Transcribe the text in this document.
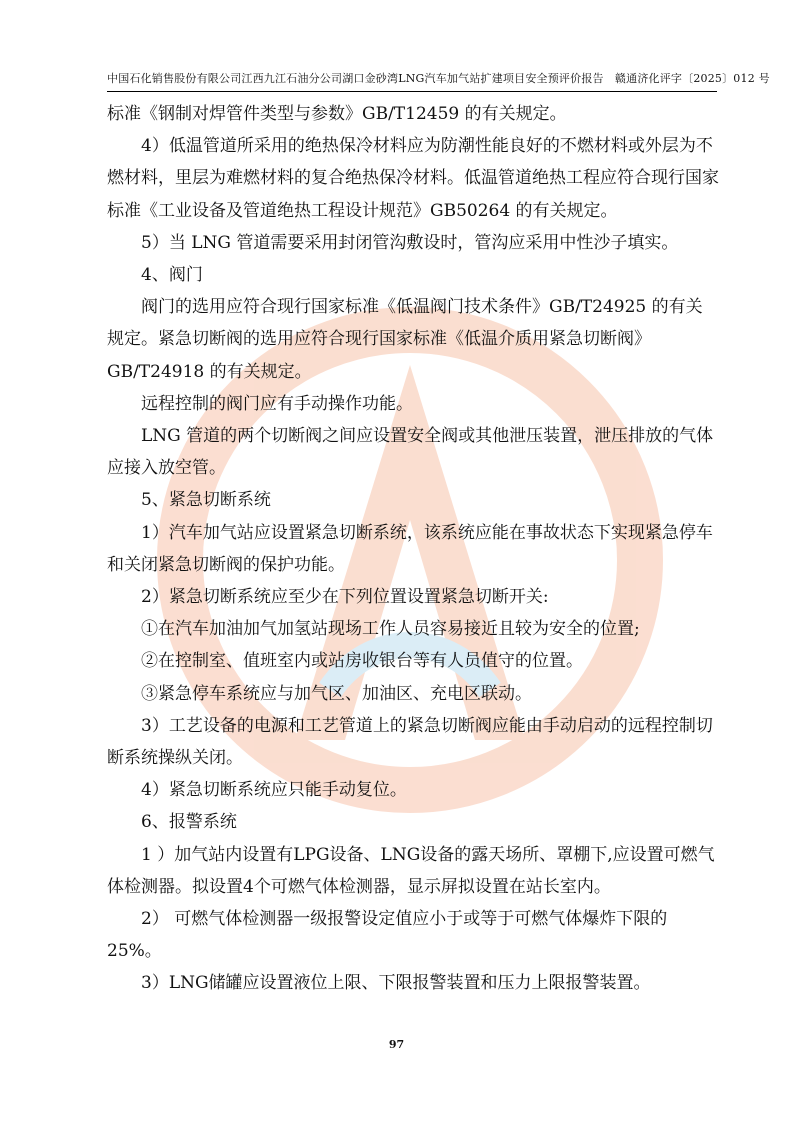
中国石化销售股份有限公司江西九江石油分公司湖口金砂湾LNG汽车加气站扩建项目安全预评价报告　赣通济化评字〔2025〕012 号

标准《钢制对焊管件类型与参数》GB/T12459 的有关规定。

4）低温管道所采用的绝热保冷材料应为防潮性能良好的不燃材料或外层为不燃材料，里层为难燃材料的复合绝热保冷材料。低温管道绝热工程应符合现行国家标准《工业设备及管道绝热工程设计规范》GB50264 的有关规定。

5）当 LNG 管道需要采用封闭管沟敷设时，管沟应采用中性沙子填实。

4、阀门

阀门的选用应符合现行国家标准《低温阀门技术条件》GB/T24925 的有关规定。紧急切断阀的选用应符合现行国家标准《低温介质用紧急切断阀》GB/T24918 的有关规定。

远程控制的阀门应有手动操作功能。

LNG 管道的两个切断阀之间应设置安全阀或其他泄压装置，泄压排放的气体应接入放空管。

5、紧急切断系统

1）汽车加气站应设置紧急切断系统，该系统应能在事故状态下实现紧急停车和关闭紧急切断阀的保护功能。

2）紧急切断系统应至少在下列位置设置紧急切断开关:

①在汽车加油加气加氢站现场工作人员容易接近且较为安全的位置;

②在控制室、值班室内或站房收银台等有人员值守的位置。

③紧急停车系统应与加气区、加油区、充电区联动。

3）工艺设备的电源和工艺管道上的紧急切断阀应能由手动启动的远程控制切断系统操纵关闭。

4）紧急切断系统应只能手动复位。

6、报警系统

1 ）加气站内设置有LPG设备、LNG设备的露天场所、罩棚下,应设置可燃气体检测器。拟设置4个可燃气体检测器，显示屏拟设置在站长室内。

2） 可燃气体检测器一级报警设定值应小于或等于可燃气体爆炸下限的25%。

3）LNG储罐应设置液位上限、下限报警装置和压力上限报警装置。

97
